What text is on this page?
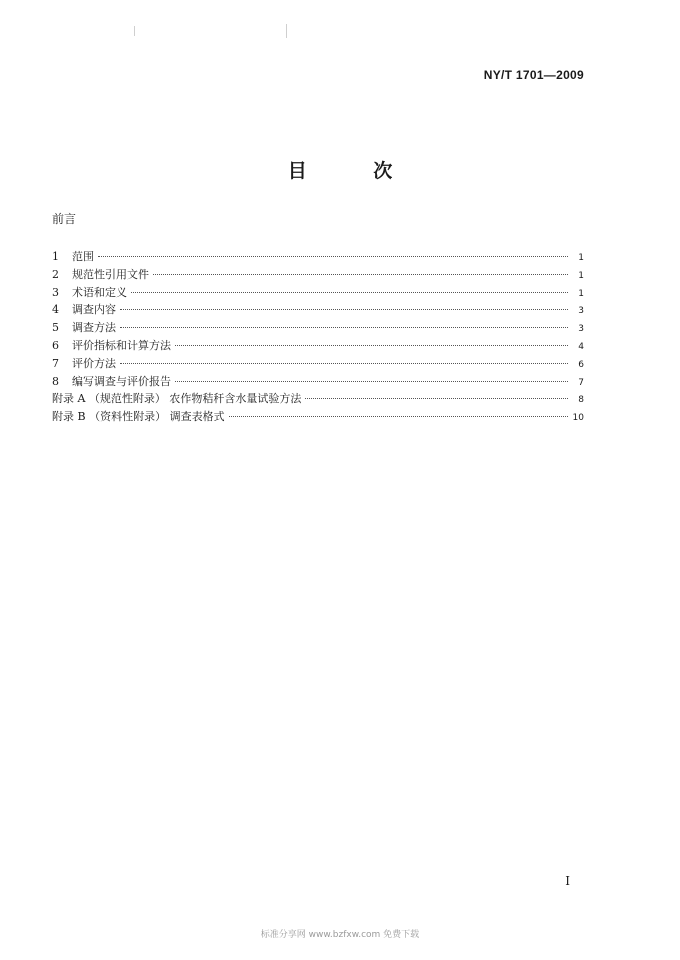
NY/T 1701—2009
目 次
前言
1	范围	1
2	规范性引用文件	1
3	术语和定义	1
4	调查内容	3
5	调查方法	3
6	评价指标和计算方法	4
7	评价方法	6
8	编写调查与评价报告	7
附录 A （规范性附录） 农作物秸秆含水量试验方法	8
附录 B （资料性附录） 调查表格式	10
I
标准分享网 www.bzfxw.com 免费下载
